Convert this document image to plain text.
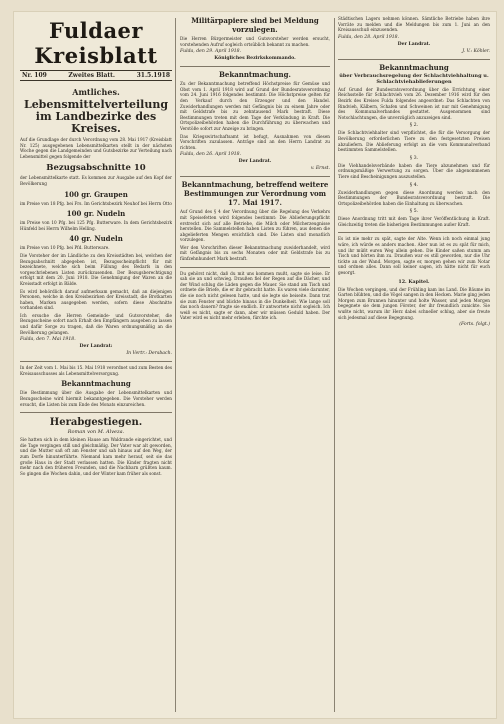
Fuldaer Kreisblatt
Nr. 109	Zweites Blatt.	31.5.1918
Amtliches.
Lebensmittelverteilung im Landbezirke des Kreises.
Auf die Grundlage der durch Verordnung vom 28. Mai 1917 (Kreisblatt Nr. 125) ausgegebenen Lebensmittelkarten stellt in der nächsten Woche gegen die Landgemeinden und Gutsbezirke zur Verteilung nach Lebensmittel gegen folgende der
Bezugsabschnitte 10
der Lebensmittelkarte statt. Es kommen zur Ausgabe auf den Kopf der Bevölkerung
100 gr. Graupen
im Preise von 18 Pfg. bei Frs. Im Gerichtsbezirk Neuhof bei Herrn Otto
100 gr. Nudeln
im Preise von 10 Pfg. bei 125 Pfg. Butterware. In dem Gerichtsbezirk Hünfeld bei Herrn Wilhelm Helling.
40 gr. Nudeln
im Preise von 10 Pfg. bei Pfd. Butterware.
Die Vorsteher der im Ländliche zu den Kreisstädten bei, welchen der Bezugsabschnitt abgegeben ist, Bezugsscheinpflicht für mit bezeichnete, welche sich beim Füllung des Bedarfs in den vorgeschriebenen Listen zurückzusenden. Der Bezugsberechtigung erfolgt mit dem 20. Juni 1918. Die Genehmigung der Waren an die Kreisstadt erfolgt in Bälde.
Es wird behördlich darauf aufmerksam gemacht, daß an diejenigen Personen, welche in den Kreisbezirken der Kreisstadt, die Brotkarten haben, Marken ausgegeben werden, sofern diese Abschnitte vorhanden sind.
Ich ersuche die Herren Gemeinde- und Gutsvorsteher, die Bezugsscheine sofort nach Erhalt den Empfängern ausgeben zu lassen und dafür Sorge zu tragen, daß die Waren ordnungsmäßig an die Bevölkerung gelangen.
Fulda, den 7. Mai 1918.
Der Landrat:
In Vertr.: Dersbach.
In der Zeit vom 1. Mai bis 15. Mai 1918 verordnet und zum Besten des Kreisausschusses als Lebensmittelversorgung.
Bekanntmachung
Die Bestimmung über die Ausgabe der Lebensmittelkarten und Bezugsscheine wird hiermit bekanntgegeben. Die Vorsteher werden ersucht, die Listen bis zum Ende des Monats einzureichen.
Herabgestiegen.
Roman von M. Alveza.
Sie hatten sich in dem kleinen Hause am Waldrande eingerichtet, und die Tage vergingen still und gleichmäßig. Der Vater war alt geworden, und die Mutter saß oft am Fenster und sah hinaus auf den Weg, der zum Dorfe hinunterführte. Niemand kam mehr herauf, seit sie das große Haus in der Stadt verlassen hatten. Die Kinder fragten nicht mehr nach den früheren Freunden, und die Nachbarn grüßten kaum. So gingen die Wochen dahin, und der Winter kam früher als sonst.
Militärpapiere sind bei Meldung vorzulegen.
Die Herren Bürgermeister und Gutsvorsteher werden ersucht, vorstehenden Aufruf sogleich ortsüblich bekannt zu machen.
Fulda, den 29. April 1918.
Königliches Bezirkskommando.
Bekanntmachung.
Zu der Bekanntmachung betreffend Höchstpreise für Gemüse und Obst vom 1. April 1918 wird auf Grund der Bundesratsverordnung vom 24. Juni 1916 folgendes bestimmt: Die Höchstpreise gelten für den Verkauf durch den Erzeuger und den Handel. Zuwiderhandlungen werden mit Gefängnis bis zu einem Jahre oder mit Geldstrafe bis zu zehntausend Mark bestraft. Diese Bestimmungen treten mit dem Tage der Verkündung in Kraft. Die Ortspolizeibehörden haben die Durchführung zu überwachen und Verstöße sofort zur Anzeige zu bringen.
Das Kriegswirtschaftsamt ist befugt, Ausnahmen von diesen Vorschriften zuzulassen. Anträge sind an den Herrn Landrat zu richten.
Fulda, den 26. April 1918.
Der Landrat.
v. Ernst.
Bekanntmachung, betreffend weitere Bestimmungen zur Verordnung vom 17. Mai 1917.
Auf Grund des § 4 der Verordnung über die Regelung des Verkehrs mit Speisefetten wird folgendes bestimmt: Die Ablieferungspflicht erstreckt sich auf alle Betriebe, die Milch oder Milcherzeugnisse herstellen. Die Sammelstellen haben Listen zu führen, aus denen die abgelieferten Mengen ersichtlich sind. Die Listen sind monatlich vorzulegen.
Wer den Vorschriften dieser Bekanntmachung zuwiderhandelt, wird mit Gefängnis bis zu sechs Monaten oder mit Geldstrafe bis zu fünfzehnhundert Mark bestraft.
Du gehörst nicht, daß du mit uns kommen mußt, sagte sie leise. Er sah sie an und schwieg. Draußen fiel der Regen auf die Dächer, und der Wind schlug die Läden gegen die Mauer. Sie stand am Tisch und ordnete die Briefe, die er ihr gebracht hatte. Es waren viele darunter, die sie noch nicht gelesen hatte, und sie legte sie beiseite. Dann trat sie zum Fenster und blickte hinaus in die Dunkelheit. Wie lange soll das noch dauern? fragte sie endlich. Er antwortete nicht sogleich. Ich weiß es nicht, sagte er dann, aber wir müssen Geduld haben. Der Vater wird es nicht mehr erleben, fürchte ich.
Städtischen Lagers nehmen können. Sämtliche Betriebe haben ihre Vorräte zu melden und die Meldungen bis zum 1. Juni an den Kreisausschuß einzusenden.
Fulda, den 28. April 1918.
Der Landrat.
J. V.: Köhler.
Bekanntmachung
über Verbrauchsregelung der Schlachtviehhaltung u. Schlachtviehablieferungen
Auf Grund der Bundesratsverordnung über die Errichtung einer Reichsstelle für Schlachtvieh vom 26. Dezember 1916 wird für den Bezirk des Kreises Fulda folgendes angeordnet: Das Schlachten von Rindvieh, Kälbern, Schafen und Schweinen ist nur mit Genehmigung des Kommunalverbandes gestattet. Ausgenommen sind Notschlachtungen, die unverzüglich anzuzeigen sind.
§ 2.
Die Schlachtviehhalter sind verpflichtet, die für die Versorgung der Bevölkerung erforderlichen Tiere zu den festgesetzten Preisen abzuliefern. Die Ablieferung erfolgt an die vom Kommunalverband bestimmten Sammelstellen.
§ 3.
Die Viehhandelsverbände haben die Tiere abzunehmen und für ordnungsmäßige Verwertung zu sorgen. Über die abgenommenen Tiere sind Bescheinigungen auszustellen.
§ 4.
Zuwiderhandlungen gegen diese Anordnung werden nach den Bestimmungen der Bundesratsverordnung bestraft. Die Ortspolizeibehörden haben die Einhaltung zu überwachen.
§ 5.
Diese Anordnung tritt mit dem Tage ihrer Veröffentlichung in Kraft. Gleichzeitig treten die bisherigen Bestimmungen außer Kraft.
Es ist nie mehr zu spät, sagte der Alte. Wenn ich noch einmal jung wäre, ich würde es anders machen. Aber nun ist es zu spät für mich, und ihr müßt euren Weg allein gehen. Die Kinder saßen stumm am Tisch und hörten ihm zu. Draußen war es still geworden, nur die Uhr tickte an der Wand. Morgen, sagte er, morgen gehen wir zum Notar und ordnen alles. Dann soll keiner sagen, ich hätte nicht für euch gesorgt.
12. Kapitel.
Die Wochen vergingen, und der Frühling kam ins Land. Die Bäume im Garten blühten, und die Vögel sangen in den Hecken. Marie ging jeden Morgen zum Brunnen hinunter und holte Wasser, und jeden Morgen begegnete sie dem jungen Förster, der ihr freundlich zunickte. Sie wußte nicht, warum ihr Herz dabei schneller schlug, aber sie freute sich jedesmal auf diese Begegnung.
(Forts. folgt.)
